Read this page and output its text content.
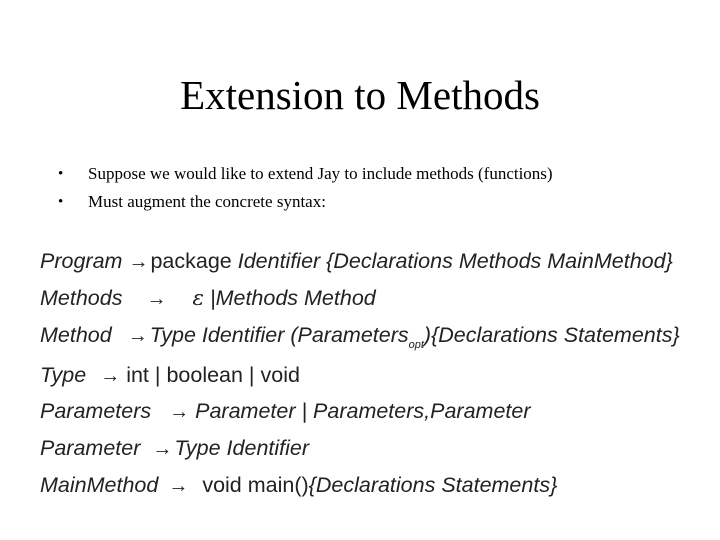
Extension to Methods
• Suppose we would like to extend Jay to include methods (functions)
• Must augment the concrete syntax:
Program →package Identifier {Declarations Methods MainMethod}
Methods → ε |Methods Method
Method →Type Identifier (Parameters$_{opt}$){Declarations Statements}
Type → int | boolean | void
Parameters → Parameter | Parameters,Parameter
Parameter →Type Identifier
MainMethod → void main(){Declarations Statements}
